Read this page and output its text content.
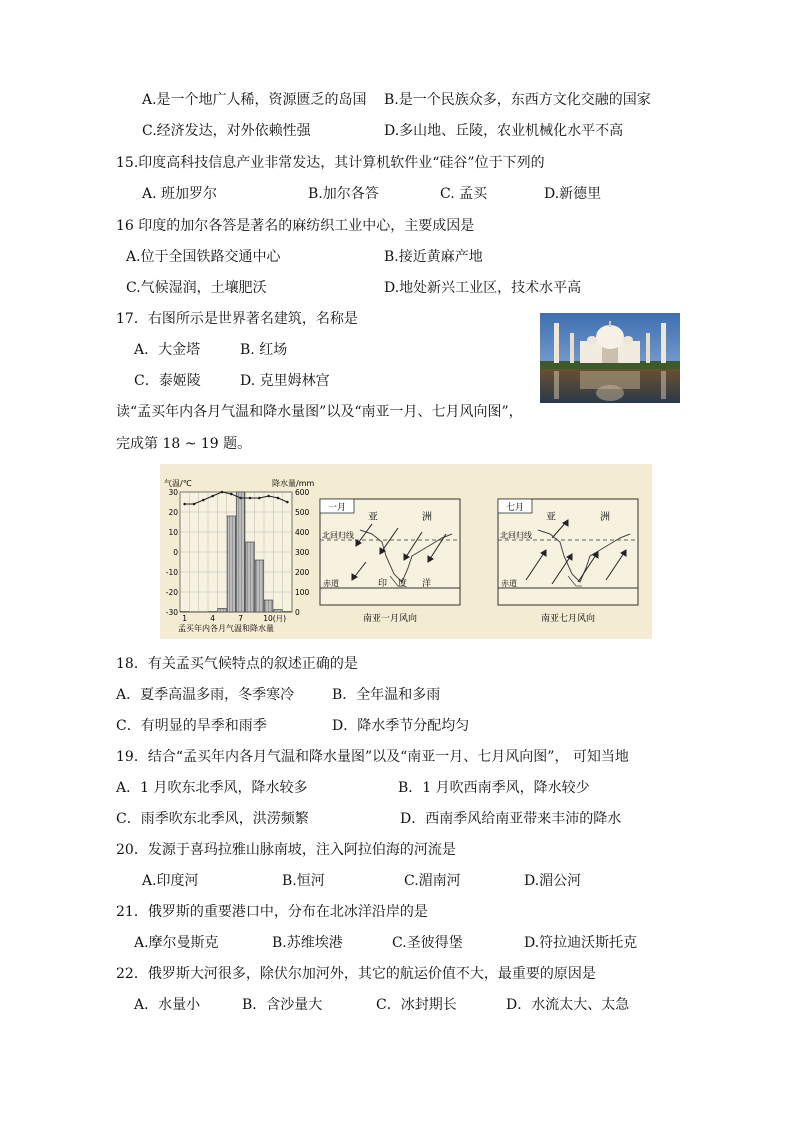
A.是一个地广人稀，资源匮乏的岛国 B.是一个民族众多，东西方文化交融的国家
C.经济发达，对外依赖性强	D.多山地、丘陵，农业机械化水平不高
15.印度高科技信息产业非常发达，其计算机软件业“硅谷”位于下列的
A. 班加罗尔	B.加尔各答	C. 孟买	D.新德里
16 印度的加尔各答是著名的麻纺织工业中心，主要成因是
A.位于全国铁路交通中心	B.接近黄麻产地
C.气候湿润，土壤肥沃	D.地处新兴工业区，技术水平高
17．右图所示是世界著名建筑，名称是
A．大金塔	B. 红场
C．泰姬陵	D. 克里姆林宫
读“孟买年内各月气温和降水量图”以及“南亚一月、七月风向图”，
完成第 18 ~ 19 题。
气温/℃	降水量/mm
30
20
10
0
-10
-20
-30
600
500
400
300
200
100
0
1	4	7	10(月)
孟买年内各月气温和降水量
一月
亚	洲
北回归线
赤道	印 度 洋
南亚一月风向
七月
亚	洲
北回归线
赤道
南亚七月风向
18．有关孟买气候特点的叙述正确的是
A．夏季高温多雨，冬季寒冷	B．全年温和多雨
C．有明显的旱季和雨季	D．降水季节分配均匀
19．结合“孟买年内各月气温和降水量图”以及“南亚一月、七月风向图”， 可知当地
A．1 月吹东北季风，降水较多	B．1 月吹西南季风，降水较少
C．雨季吹东北季风，洪涝频繁	D．西南季风给南亚带来丰沛的降水
20．发源于喜玛拉雅山脉南坡，注入阿拉伯海的河流是
A.印度河	B.恒河	C.湄南河	D.湄公河
21．俄罗斯的重要港口中，分布在北冰洋沿岸的是
A.摩尔曼斯克	B.苏维埃港	C.圣彼得堡	D.符拉迪沃斯托克
22．俄罗斯大河很多，除伏尔加河外，其它的航运价值不大，最重要的原因是
A．水量小	B．含沙量大	C．冰封期长	D．水流太大、太急
